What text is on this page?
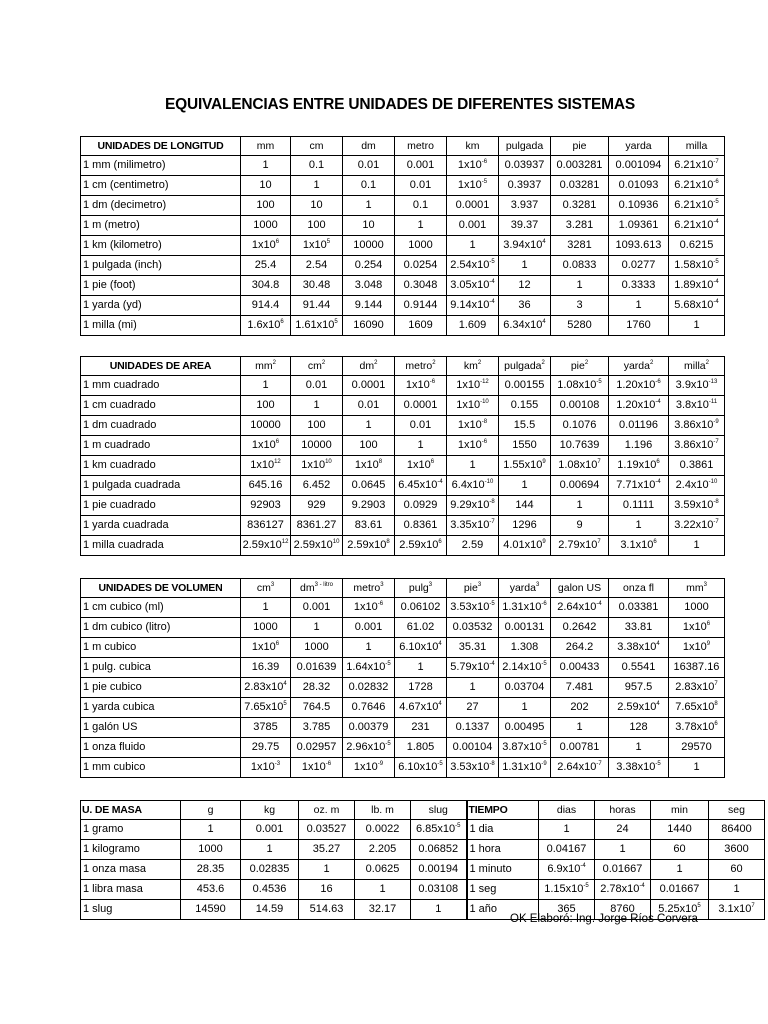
EQUIVALENCIAS ENTRE UNIDADES DE DIFERENTES SISTEMAS
UNIDADES DE LONGITUD	mm	cm	dm	metro	km	pulgada	pie	yarda	milla
1 mm (milimetro)	1	0.1	0.01	0.001	$1x10^{-6}$	0.03937	0.003281	0.001094	$6.21x10^{-7}$
1 cm (centimetro)	10	1	0.1	0.01	$1x10^{-5}$	0.3937	0.03281	0.01093	$6.21x10^{-6}$
1 dm (decimetro)	100	10	1	0.1	0.0001	3.937	0.3281	0.10936	$6.21x10^{-5}$
1 m (metro)	1000	100	10	1	0.001	39.37	3.281	1.09361	$6.21x10^{-4}$
1 km (kilometro)	$1x10^6$	$1x10^5$	10000	1000	1	$3.94x10^4$	3281	1093.613	0.6215
1 pulgada (inch)	25.4	2.54	0.254	0.0254	$2.54x10^{-5}$	1	0.0833	0.0277	$1.58x10^{-5}$
1 pie (foot)	304.8	30.48	3.048	0.3048	$3.05x10^{-4}$	12	1	0.3333	$1.89x10^{-4}$
1 yarda (yd)	914.4	91.44	9.144	0.9144	$9.14x10^{-4}$	36	3	1	$5.68x10^{-4}$
1 milla (mi)	$1.6x10^6$	$1.61x10^5$	16090	1609	1.609	$6.34x10^4$	5280	1760	1
UNIDADES DE AREA	$mm^2$	$cm^2$	$dm^2$	metro$^2$	$km^2$	pulgada$^2$	pie$^2$	yarda$^2$	milla$^2$
1 mm cuadrado	1	0.01	0.0001	$1x10^{-6}$	$1x10^{-12}$	0.00155	$1.08x10^{-5}$	$1.20x10^{-6}$	$3.9x10^{-13}$
1 cm cuadrado	100	1	0.01	0.0001	$1x10^{-10}$	0.155	0.00108	$1.20x10^{-4}$	$3.8x10^{-11}$
1 dm cuadrado	10000	100	1	0.01	$1x10^{-8}$	15.5	0.1076	0.01196	$3.86x10^{-9}$
1 m cuadrado	$1x10^6$	10000	100	1	$1x10^{-6}$	1550	10.7639	1.196	$3.86x10^{-7}$
1 km cuadrado	$1x10^{12}$	$1x10^{10}$	$1x10^8$	$1x10^6$	1	$1.55x10^9$	$1.08x10^7$	$1.19x10^6$	0.3861
1 pulgada cuadrada	645.16	6.452	0.0645	$6.45x10^{-4}$	$6.4x10^{-10}$	1	0.00694	$7.71x10^{-4}$	$2.4x10^{-10}$
1 pie cuadrado	92903	929	9.2903	0.0929	$9.29x10^{-8}$	144	1	0.1111	$3.59x10^{-8}$
1 yarda cuadrada	836127	8361.27	83.61	0.8361	$3.35x10^{-7}$	1296	9	1	$3.22x10^{-7}$
1 milla cuadrada	$2.59x10^{12}$	$2.59x10^{10}$	$2.59x10^8$	$2.59x10^6$	2.59	$4.01x10^9$	$2.79x10^7$	$3.1x10^6$	1
UNIDADES DE VOLUMEN	$cm^3$	$dm^{3 - litro}$	metro$^3$	pulg$^3$	pie$^3$	yarda$^3$	galon US	onza fl	$mm^3$
1 cm cubico (ml)	1	0.001	$1x10^{-6}$	0.06102	$3.53x10^{-5}$	$1.31x10^{-6}$	$2.64x10^{-4}$	0.03381	1000
1 dm cubico (litro)	1000	1	0.001	61.02	0.03532	0.00131	0.2642	33.81	$1x10^6$
1 m cubico	$1x10^6$	1000	1	$6.10x10^4$	35.31	1.308	264.2	$3.38x10^4$	$1x10^9$
1 pulg. cubica	16.39	0.01639	$1.64x10^{-5}$	1	$5.79x10^{-4}$	$2.14x10^{-5}$	0.00433	0.5541	16387.16
1 pie cubico	$2.83x10^4$	28.32	0.02832	1728	1	0.03704	7.481	957.5	$2.83x10^7$
1 yarda cubica	$7.65x10^5$	764.5	0.7646	$4.67x10^4$	27	1	202	$2.59x10^4$	$7.65x10^8$
1 galón US	3785	3.785	0.00379	231	0.1337	0.00495	1	128	$3.78x10^6$
1 onza fluido	29.75	0.02957	$2.96x10^{-5}$	1.805	0.00104	$3.87x10^{-5}$	0.00781	1	29570
1 mm cubico	$1x10^{-3}$	$1x10^{-6}$	$1x10^{-9}$	$6.10x10^{-5}$	$3.53x10^{-8}$	$1.31x10^{-9}$	$2.64x10^{-7}$	$3.38x10^{-5}$	1
U. DE MASA	g	kg	oz. m	lb. m	slug	TIEMPO	dias	horas	min	seg
1 gramo	1	0.001	0.03527	0.0022	$6.85x10^{-5}$	1 dia	1	24	1440	86400
1 kilogramo	1000	1	35.27	2.205	0.06852	1 hora	0.04167	1	60	3600
1 onza masa	28.35	0.02835	1	0.0625	0.00194	1 minuto	$6.9x10^{-4}$	0.01667	1	60
1 libra masa	453.6	0.4536	16	1	0.03108	1 seg	$1.15x10^{-5}$	$2.78x10^{-4}$	0.01667	1
1 slug	14590	14.59	514.63	32.17	1	1 año	365	8760	$5.25x10^5$	$3.1x10^7$
OK Elaboró: Ing. Jorge Ríos Corvera
